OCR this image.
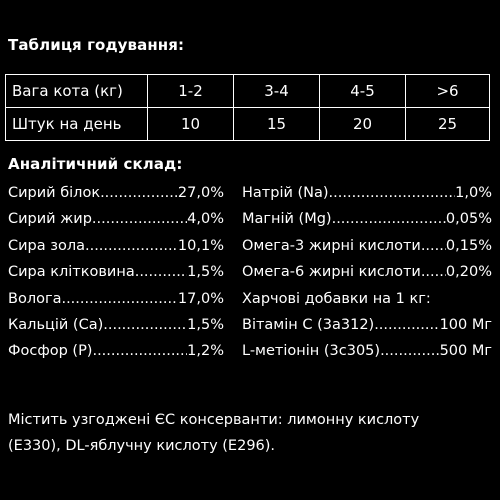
Таблиця годування:
Вага кота (кг)	1-2	3-4	4-5	>6
Штук на день	10	15	20	25
Аналітичний склад:
Сирий білок .....	27,0%
Сирий жир .....	4,0%
Сира зола .....	10,1%
Сира клітковина .....	1,5%
Волога .....	17,0%
Кальцій (Ca) .....	1,5%
Фосфор (P) .....	1,2%
Натрій (Na) .....	1,0%
Магній (Mg) .....	0,05%
Омега-3 жирні кислоти ..... 0,15%
Омега-6 жирні кислоти ..... 0,20%
Харчові добавки на 1 кг:
Вітамін С (3а312) .....	100 Мг
L-метіонін (3с305) .....	500 Мг
Містить узгоджені ЄС консерванти: лимонну кислоту
(E330), DL-яблучну кислоту (E296).
